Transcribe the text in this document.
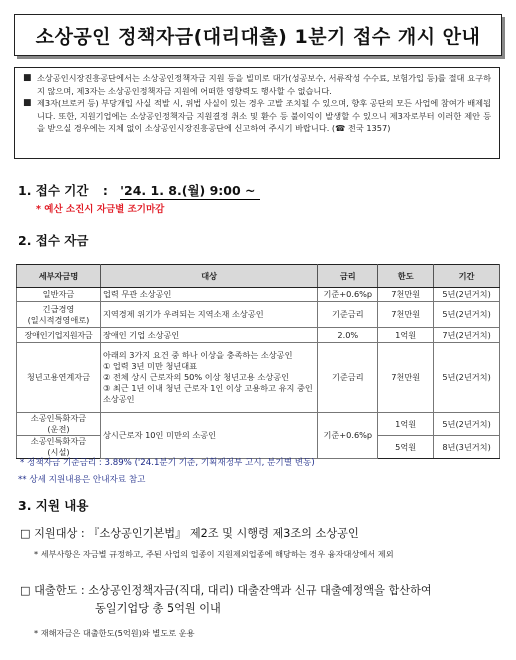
소상공인 정책자금(대리대출) 1분기 접수 개시 안내
■ 소상공인시장진흥공단에서는 소상공인정책자금 지원 등을 빌미로 대가(성공보수, 서류작성 수수료, 보험가입 등)를 절대 요구하지 않으며, 제3자는 소상공인정책자금 지원에 어떠한 영향력도 행사할 수 없습니다.
■ 제3자(브로커 등) 부당개입 사실 적발 시, 위법 사실이 있는 경우 고발 조치될 수 있으며, 향후 공단의 모든 사업에 참여가 배제됩니다. 또한, 지원기업에는 소상공인정책자금 지원결정 취소 및 환수 등 불이익이 발생할 수 있으니 제3자로부터 이러한 제안 등을 받으실 경우에는 지체 없이 소상공인시장진흥공단에 신고하여 주시기 바랍니다. (☎ 전국 1357)
1. 접수 기간 : '24. 1. 8.(월) 9:00 ~
* 예산 소진시 자금별 조기마감
2. 접수 자금
세부자금명	대상	금리	한도	기간
일반자금	업력 무관 소상공인	기준+0.6%p	7천만원	5년(2년거치)
긴급경영
(일시적경영애로)	지역경제 위기가 우려되는 지역소재 소상공인	기준금리	7천만원	5년(2년거치)
장애인기업지원자금	장애인 기업 소상공인	2.0%	1억원	7년(2년거치)
청년고용연계자금	아래의 3가지 요건 중 하나 이상을 충족하는 소상공인
① 업력 3년 미만 청년대표
② 전체 상시 근로자의 50% 이상 청년고용 소상공인
③ 최근 1년 이내 청년 근로자 1인 이상 고용하고 유지 중인 소상공인	기준금리	7천만원	5년(2년거치)
소공인특화자금
(운전)	상시근로자 10인 미만의 소공인	기준+0.6%p	1억원	5년(2년거치)
소공인특화자금
(시설)			5억원	8년(3년거치)
* 정책자금 기준금리 : 3.89% ('24.1분기 기준, 기획재정부 고시, 분기별 변동)
** 상세 지원내용은 안내자료 참고
3. 지원 내용
□ 지원대상 : 『소상공인기본법』 제2조 및 시행령 제3조의 소상공인
* 세부사항은 자금별 규정하고, 주된 사업의 업종이 지원제외업종에 해당하는 경우 융자대상에서 제외
□ 대출한도 : 소상공인정책자금(직대, 대리) 대출잔액과 신규 대출예정액을 합산하여
동일기업당 총 5억원 이내
* 재해자금은 대출한도(5억원)와 별도로 운용
